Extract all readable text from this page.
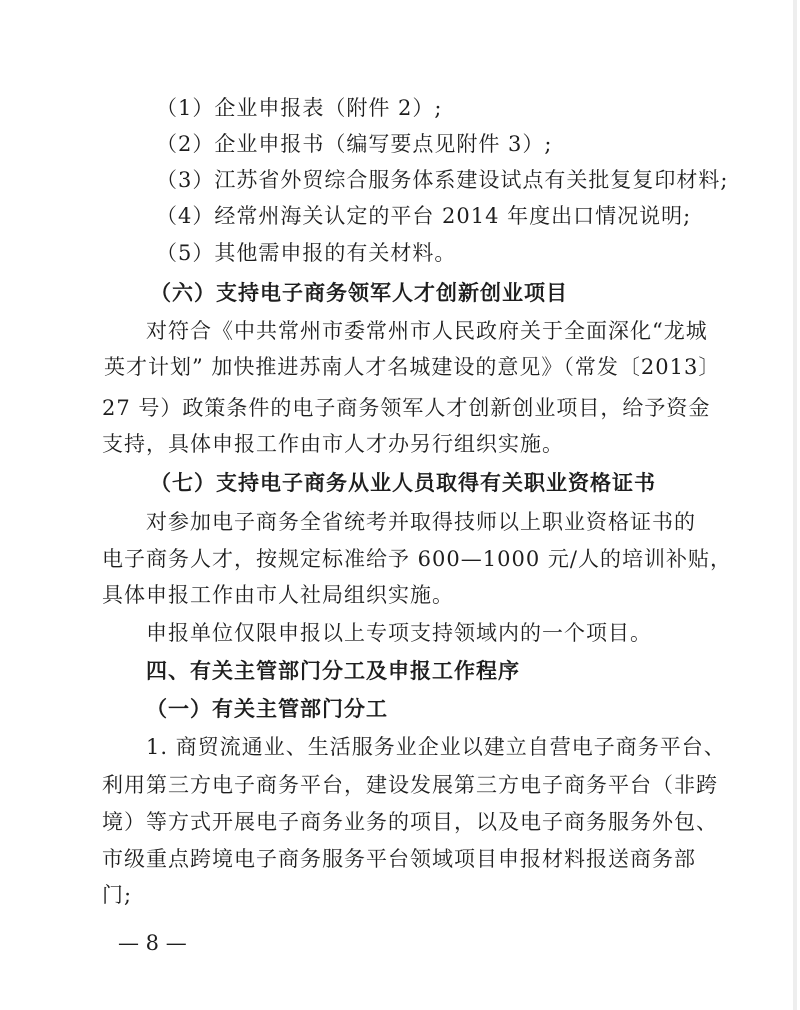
（1）企业申报表（附件 2）;
（2）企业申报书（编写要点见附件 3）;
（3）江苏省外贸综合服务体系建设试点有关批复复印材料;
（4）经常州海关认定的平台 2014 年度出口情况说明;
（5）其他需申报的有关材料。
（六）支持电子商务领军人才创新创业项目
对符合《中共常州市委常州市人民政府关于全面深化“龙城
英才计划” 加快推进苏南人才名城建设的意见》（常发〔2013〕
27 号）政策条件的电子商务领军人才创新创业项目，给予资金
支持，具体申报工作由市人才办另行组织实施。
（七）支持电子商务从业人员取得有关职业资格证书
对参加电子商务全省统考并取得技师以上职业资格证书的
电子商务人才，按规定标准给予 600—1000 元/人的培训补贴，
具体申报工作由市人社局组织实施。
申报单位仅限申报以上专项支持领域内的一个项目。
四、有关主管部门分工及申报工作程序
（一）有关主管部门分工
1. 商贸流通业、生活服务业企业以建立自营电子商务平台、
利用第三方电子商务平台，建设发展第三方电子商务平台（非跨
境）等方式开展电子商务业务的项目，以及电子商务服务外包、
市级重点跨境电子商务服务平台领域项目申报材料报送商务部
门;
— 8 —
